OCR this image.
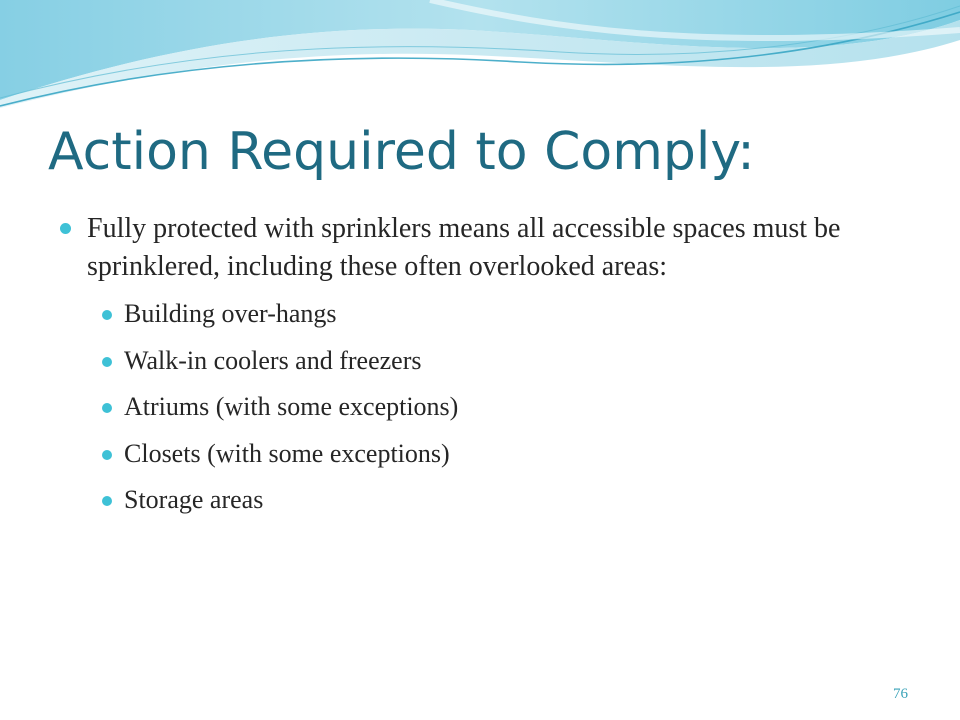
Action Required to Comply:

Fully protected with sprinklers means all accessible spaces must be sprinklered, including these often overlooked areas:

Building over-hangs
Walk-in coolers and freezers
Atriums (with some exceptions)
Closets (with some exceptions)
Storage areas
76
